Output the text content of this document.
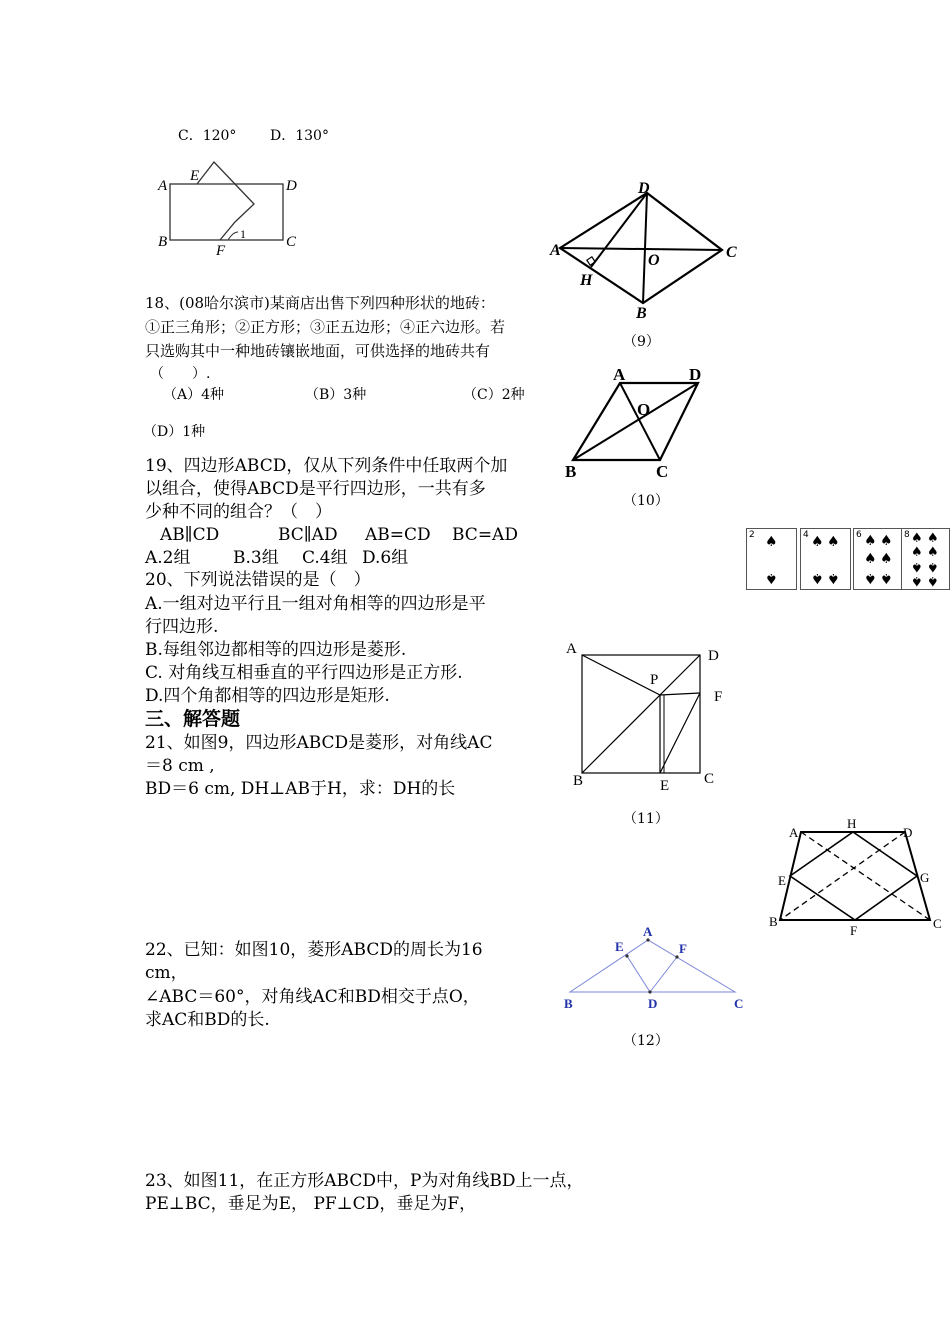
C．120° D．130°
A
E
D
B
F
C
1
18、(08哈尔滨市)某商店出售下列四种形状的地砖：
①正三角形；②正方形；③正五边形；④正六边形。若
只选购其中一种地砖镶嵌地面，可供选择的地砖共有
（　　）.
（A）4种	（B）3种	（C）2种
（D）1种
19、四边形ABCD，仅从下列条件中任取两个加
以组合，使得ABCD是平行四边形，一共有多
少种不同的组合？（　）
AB∥CD	BC∥AD AB=CD BC=AD
A.2组	B.3组 C.4组 D.6组
20、下列说法错误的是（　）
A.一组对边平行且一组对角相等的四边形是平
行四边形.
B.每组邻边都相等的四边形是菱形.
C. 对角线互相垂直的平行四边形是正方形.
D.四个角都相等的四边形是矩形.
三、解答题
21、如图9，四边形ABCD是菱形，对角线AC
＝8 cm ,
BD＝6 cm, DH⊥AB于H，求：DH的长
22、已知：如图10，菱形ABCD的周长为16
cm，
∠ABC＝60°，对角线AC和BD相交于点O，
求AC和BD的长.
23、如图11，在正方形ABCD中，P为对角线BD上一点，
PE⊥BC，垂足为E， PF⊥CD，垂足为F，
A
D
C
B
H
O
（9）
A	D
B	C
O
（10）
2 ♠
♠
4 ♠ ♠
♠ ♠
6 ♠ ♠
♠ ♠
♠ ♠
8 ♠ ♠
♠ ♠
♠ ♠
♠ ♠
A	D
P
F
B	E C
（11）
A
H
D
E	G
B
F	C
A
E	F
B	D	C
（12）
